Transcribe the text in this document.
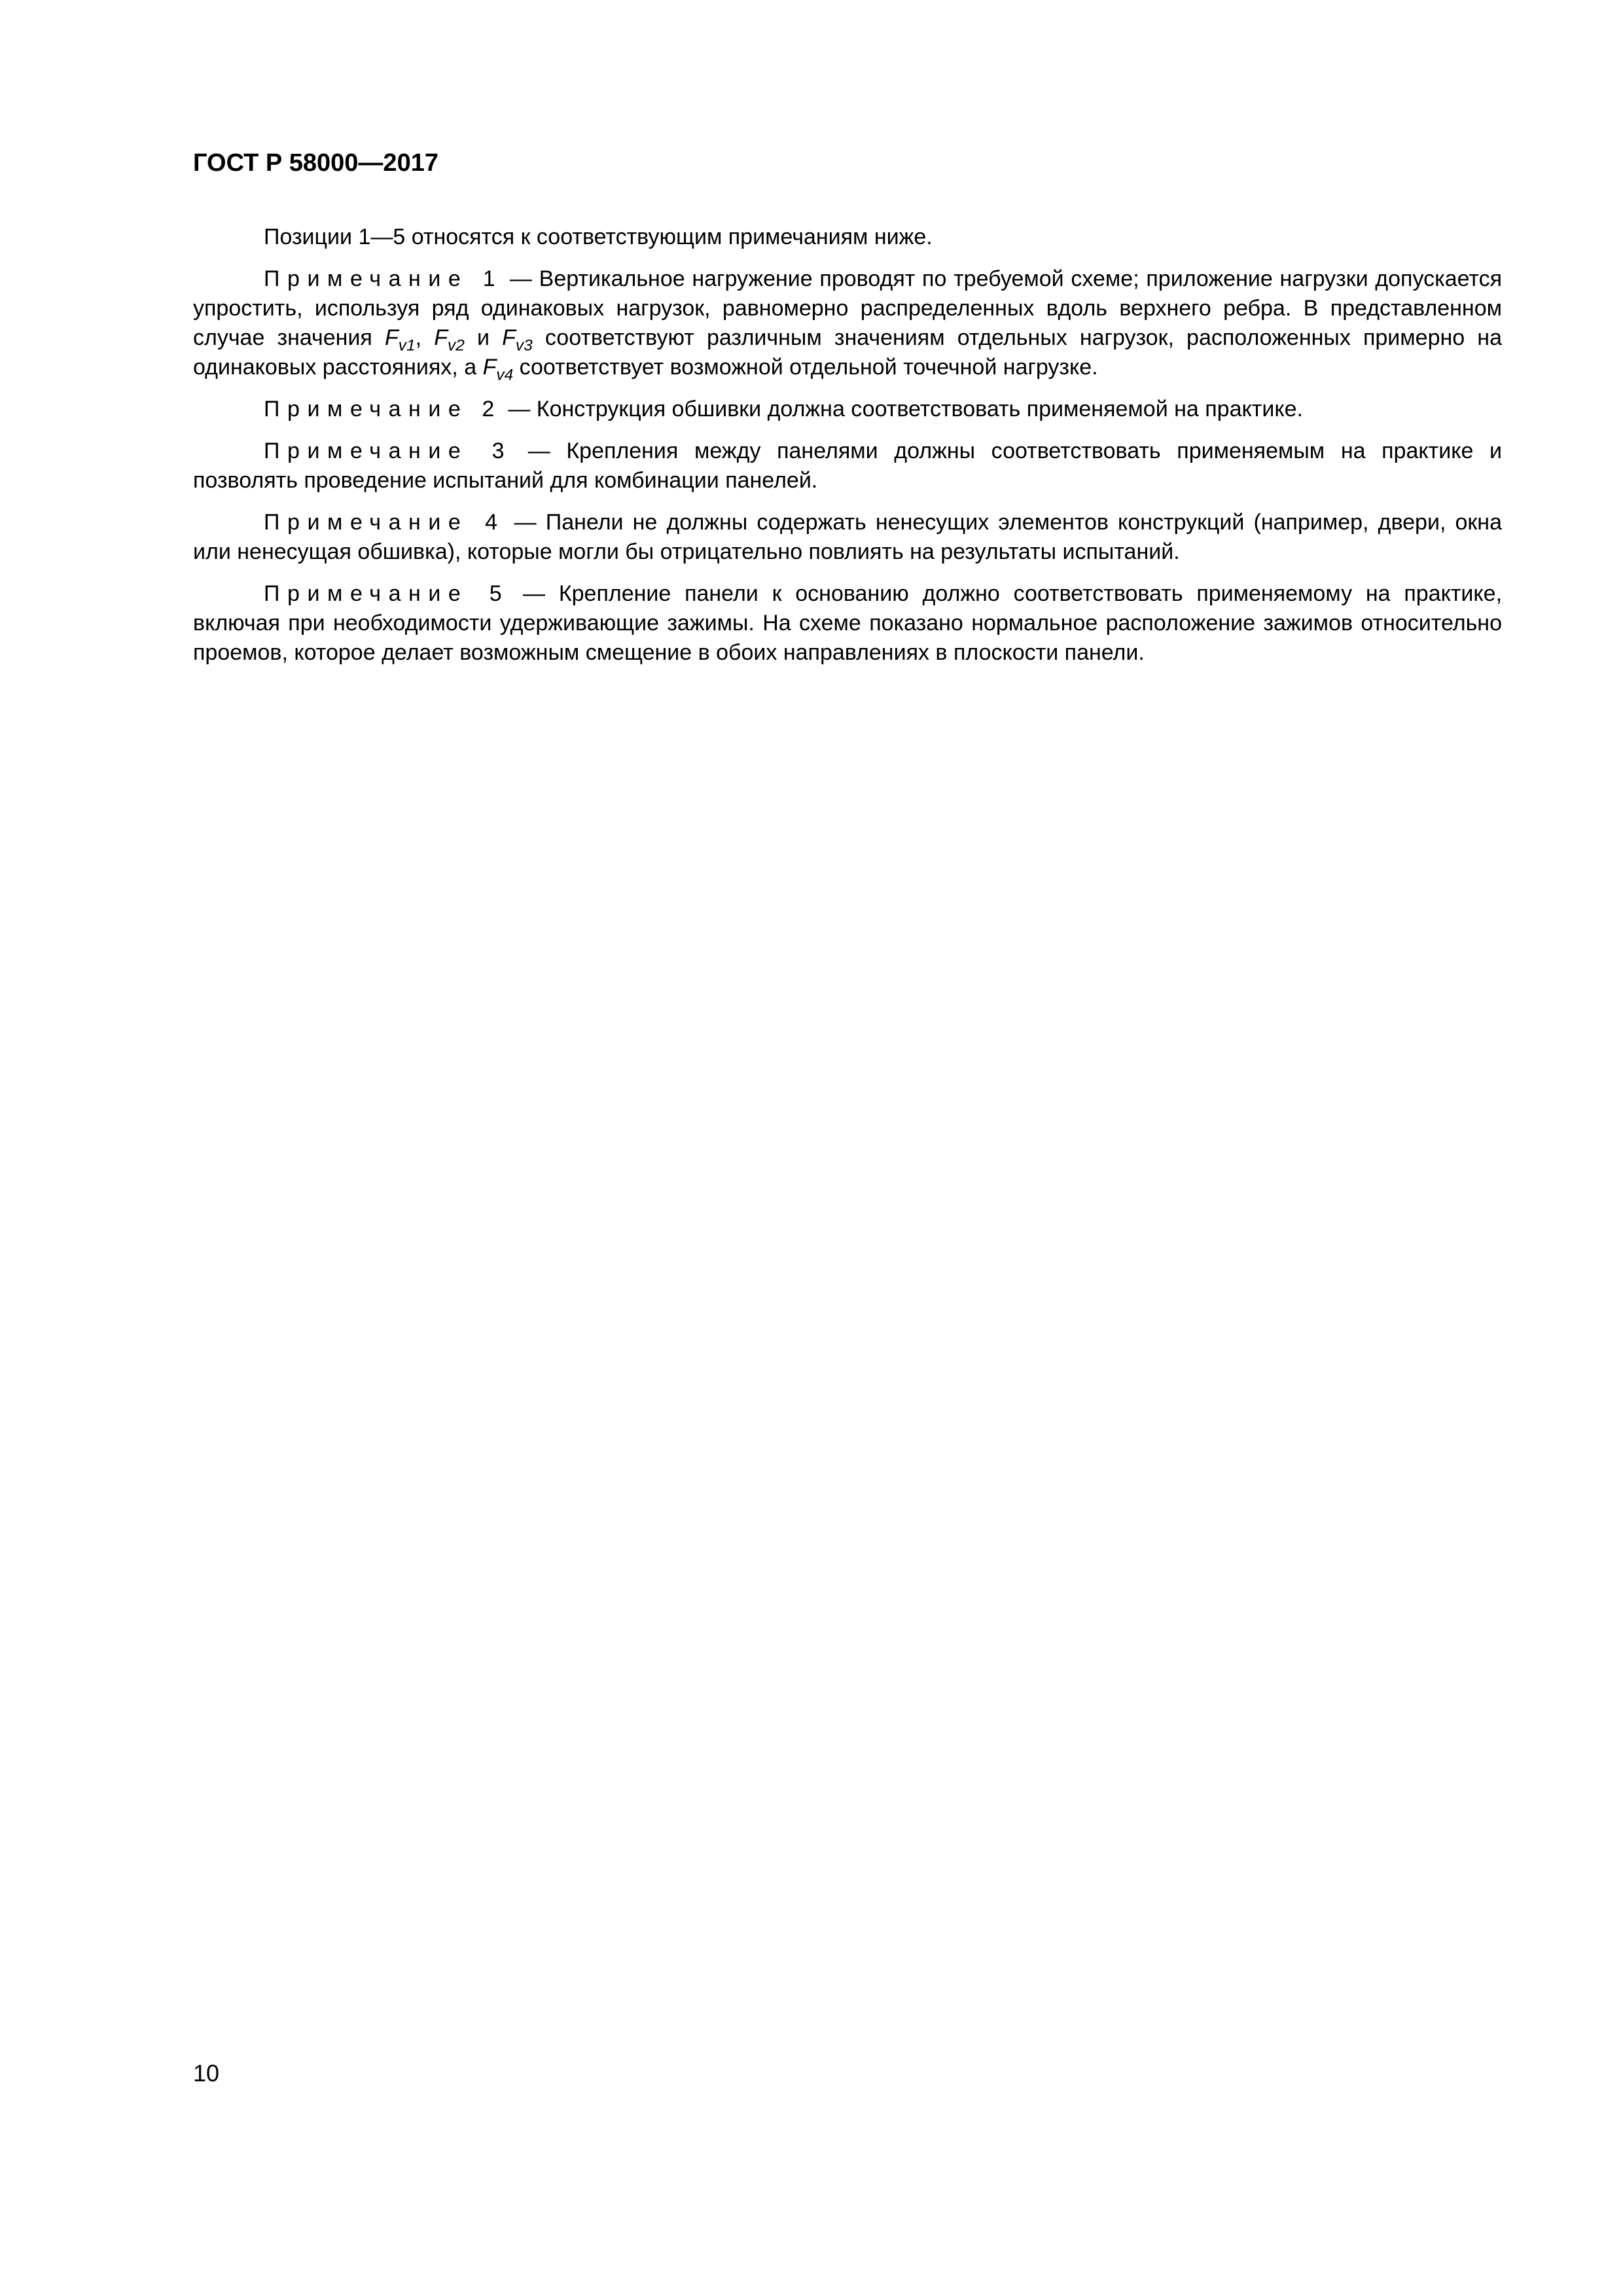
ГОСТ Р 58000—2017

Позиции 1—5 относятся к соответствующим примечаниям ниже.

Примечание 1 — Вертикальное нагружение проводят по требуемой схеме; приложение нагрузки допускается упростить, используя ряд одинаковых нагрузок, равномерно распределенных вдоль верхнего ребра. В представленном случае значения $F_{v1}$, $F_{v2}$ и $F_{v3}$ соответствуют различным значениям отдельных нагрузок, расположенных примерно на одинаковых расстояниях, а $F_{v4}$ соответствует возможной отдельной точечной нагрузке.

Примечание 2 — Конструкция обшивки должна соответствовать применяемой на практике.

Примечание 3 — Крепления между панелями должны соответствовать применяемым на практике и позволять проведение испытаний для комбинации панелей.

Примечание 4 — Панели не должны содержать ненесущих элементов конструкций (например, двери, окна или ненесущая обшивка), которые могли бы отрицательно повлиять на результаты испытаний.

Примечание 5 — Крепление панели к основанию должно соответствовать применяемому на практике, включая при необходимости удерживающие зажимы. На схеме показано нормальное расположение зажимов относительно проемов, которое делает возможным смещение в обоих направлениях в плоскости панели.

10
